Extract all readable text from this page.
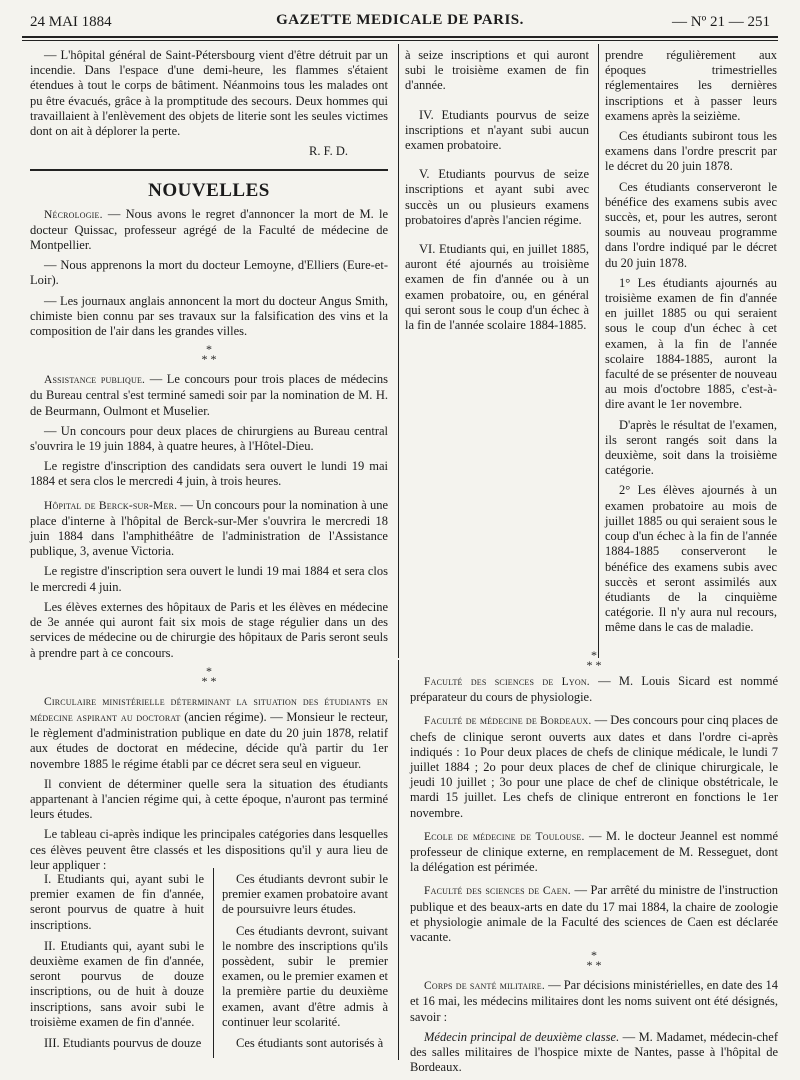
24 MAI 1884	GAZETTE MEDICALE DE PARIS.	— Nº 21 — 251

— L'hôpital général de Saint-Pétersbourg vient d'être détruit par un incendie. Dans l'espace d'une demi-heure, les flammes s'étaient étendues à tout le corps de bâtiment. Néanmoins tous les malades ont pu être évacués, grâce à la promptitude des secours. Deux hommes qui travaillaient à l'enlèvement des objets de literie sont les seules victimes dont on ait à déplorer la perte.

R. F. D.

NOUVELLES

Nécrologie. — Nous avons le regret d'annoncer la mort de M. le docteur Quissac, professeur agrégé de la Faculté de médecine de Montpellier.

— Nous apprenons la mort du docteur Lemoyne, d'Elliers (Eure-et-Loir).

— Les journaux anglais annoncent la mort du docteur Angus Smith, chimiste bien connu par ses travaux sur la falsification des vins et la composition de l'air dans les grandes villes.

*
* *

Assistance publique. — Le concours pour trois places de médecins du Bureau central s'est terminé samedi soir par la nomination de M. H. de Beurmann, Oulmont et Muselier.

— Un concours pour deux places de chirurgiens au Bureau central s'ouvrira le 19 juin 1884, à quatre heures, à l'Hôtel-Dieu.

Le registre d'inscription des candidats sera ouvert le lundi 19 mai 1884 et sera clos le mercredi 4 juin, à trois heures.

Hôpital de Berck-sur-Mer. — Un concours pour la nomination à une place d'interne à l'hôpital de Berck-sur-Mer s'ouvrira le mercredi 18 juin 1884 dans l'amphithéâtre de l'administration de l'Assistance publique, 3, avenue Victoria.

Le registre d'inscription sera ouvert le lundi 19 mai 1884 et sera clos le mercredi 4 juin.

Les élèves externes des hôpitaux de Paris et les élèves en médecine de 3e année qui auront fait six mois de stage régulier dans un des services de médecine ou de chirurgie des hôpitaux de Paris seront seuls à prendre part à ce concours.

*
* *

Circulaire ministérielle déterminant la situation des étudiants en médecine aspirant au doctorat (ancien régime). — Monsieur le recteur, le règlement d'administration publique en date du 20 juin 1878, relatif aux études de doctorat en médecine, décide qu'à partir du 1er novembre 1885 le régime établi par ce décret sera seul en vigueur.

Il convient de déterminer quelle sera la situation des étudiants appartenant à l'ancien régime qui, à cette époque, n'auront pas terminé leurs études.

Le tableau ci-après indique les principales catégories dans lesquelles ces élèves peuvent être classés et les dispositions qu'il y aura lieu de leur appliquer :

I. Etudiants qui, ayant subi le premier examen de fin d'année, seront pourvus de quatre à huit inscriptions.

II. Etudiants qui, ayant subi le deuxième examen de fin d'année, seront pourvus de douze inscriptions, ou de huit à douze inscriptions, sans avoir subi le troisième examen de fin d'année.

III. Etudiants pourvus de douze

Ces étudiants devront subir le premier examen probatoire avant de poursuivre leurs études.

Ces étudiants devront, suivant le nombre des inscriptions qu'ils possèdent, subir le premier examen, ou le premier examen et la première partie du deuxième examen, avant d'être admis à continuer leur scolarité.

Ces étudiants sont autorisés à

à seize inscriptions et qui auront subi le troisième examen de fin d'année.

IV. Etudiants pourvus de seize inscriptions et n'ayant subi aucun examen probatoire.

V. Etudiants pourvus de seize inscriptions et ayant subi avec succès un ou plusieurs examens probatoires d'après l'ancien régime.

VI. Etudiants qui, en juillet 1885, auront été ajournés au troisième examen de fin d'année ou à un examen probatoire, ou, en général qui seront sous le coup d'un échec à la fin de l'année scolaire 1884-1885.

prendre régulièrement aux époques trimestrielles réglementaires les dernières inscriptions et à passer leurs examens après la seizième.

Ces étudiants subiront tous les examens dans l'ordre prescrit par le décret du 20 juin 1878.

Ces étudiants conserveront le bénéfice des examens subis avec succès, et, pour les autres, seront soumis au nouveau programme dans l'ordre indiqué par le décret du 20 juin 1878.

1° Les étudiants ajournés au troisième examen de fin d'année en juillet 1885 ou qui seraient sous le coup d'un échec à cet examen, à la fin de l'année scolaire 1884-1885, auront la faculté de se présenter de nouveau au mois d'octobre 1885, c'est-à-dire avant le 1er novembre.

D'après le résultat de l'examen, ils seront rangés soit dans la deuxième, soit dans la troisième catégorie.

2° Les élèves ajournés à un examen probatoire au mois de juillet 1885 ou qui seraient sous le coup d'un échec à la fin de l'année 1884-1885 conserveront le bénéfice des examens subis avec succès et seront assimilés aux étudiants de la cinquième catégorie. Il n'y aura nul recours, même dans le cas de maladie.

*
* *

Faculté des sciences de Lyon. — M. Louis Sicard est nommé préparateur du cours de physiologie.

Faculté de médecine de Bordeaux. — Des concours pour cinq places de chefs de clinique seront ouverts aux dates et dans l'ordre ci-après indiqués : 1o Pour deux places de chefs de clinique médicale, le lundi 7 juillet 1884 ; 2o pour deux places de chef de clinique chirurgicale, le jeudi 10 juillet ; 3o pour une place de chef de clinique obstétricale, le mardi 15 juillet. Les chefs de clinique entreront en fonctions le 1er novembre.

Ecole de médecine de Toulouse. — M. le docteur Jeannel est nommé professeur de clinique externe, en remplacement de M. Resseguet, dont la délégation est périmée.

Faculté des sciences de Caen. — Par arrêté du ministre de l'instruction publique et des beaux-arts en date du 17 mai 1884, la chaire de zoologie et physiologie animale de la Faculté des sciences de Caen est déclarée vacante.

*
* *

Corps de santé militaire. — Par décisions ministérielles, en date des 14 et 16 mai, les médecins militaires dont les noms suivent ont été désignés, savoir :

Médecin principal de deuxième classe. — M. Madamet, médecin-chef des salles militaires de l'hospice mixte de Nantes, passe à l'hôpital de Bordeaux.
